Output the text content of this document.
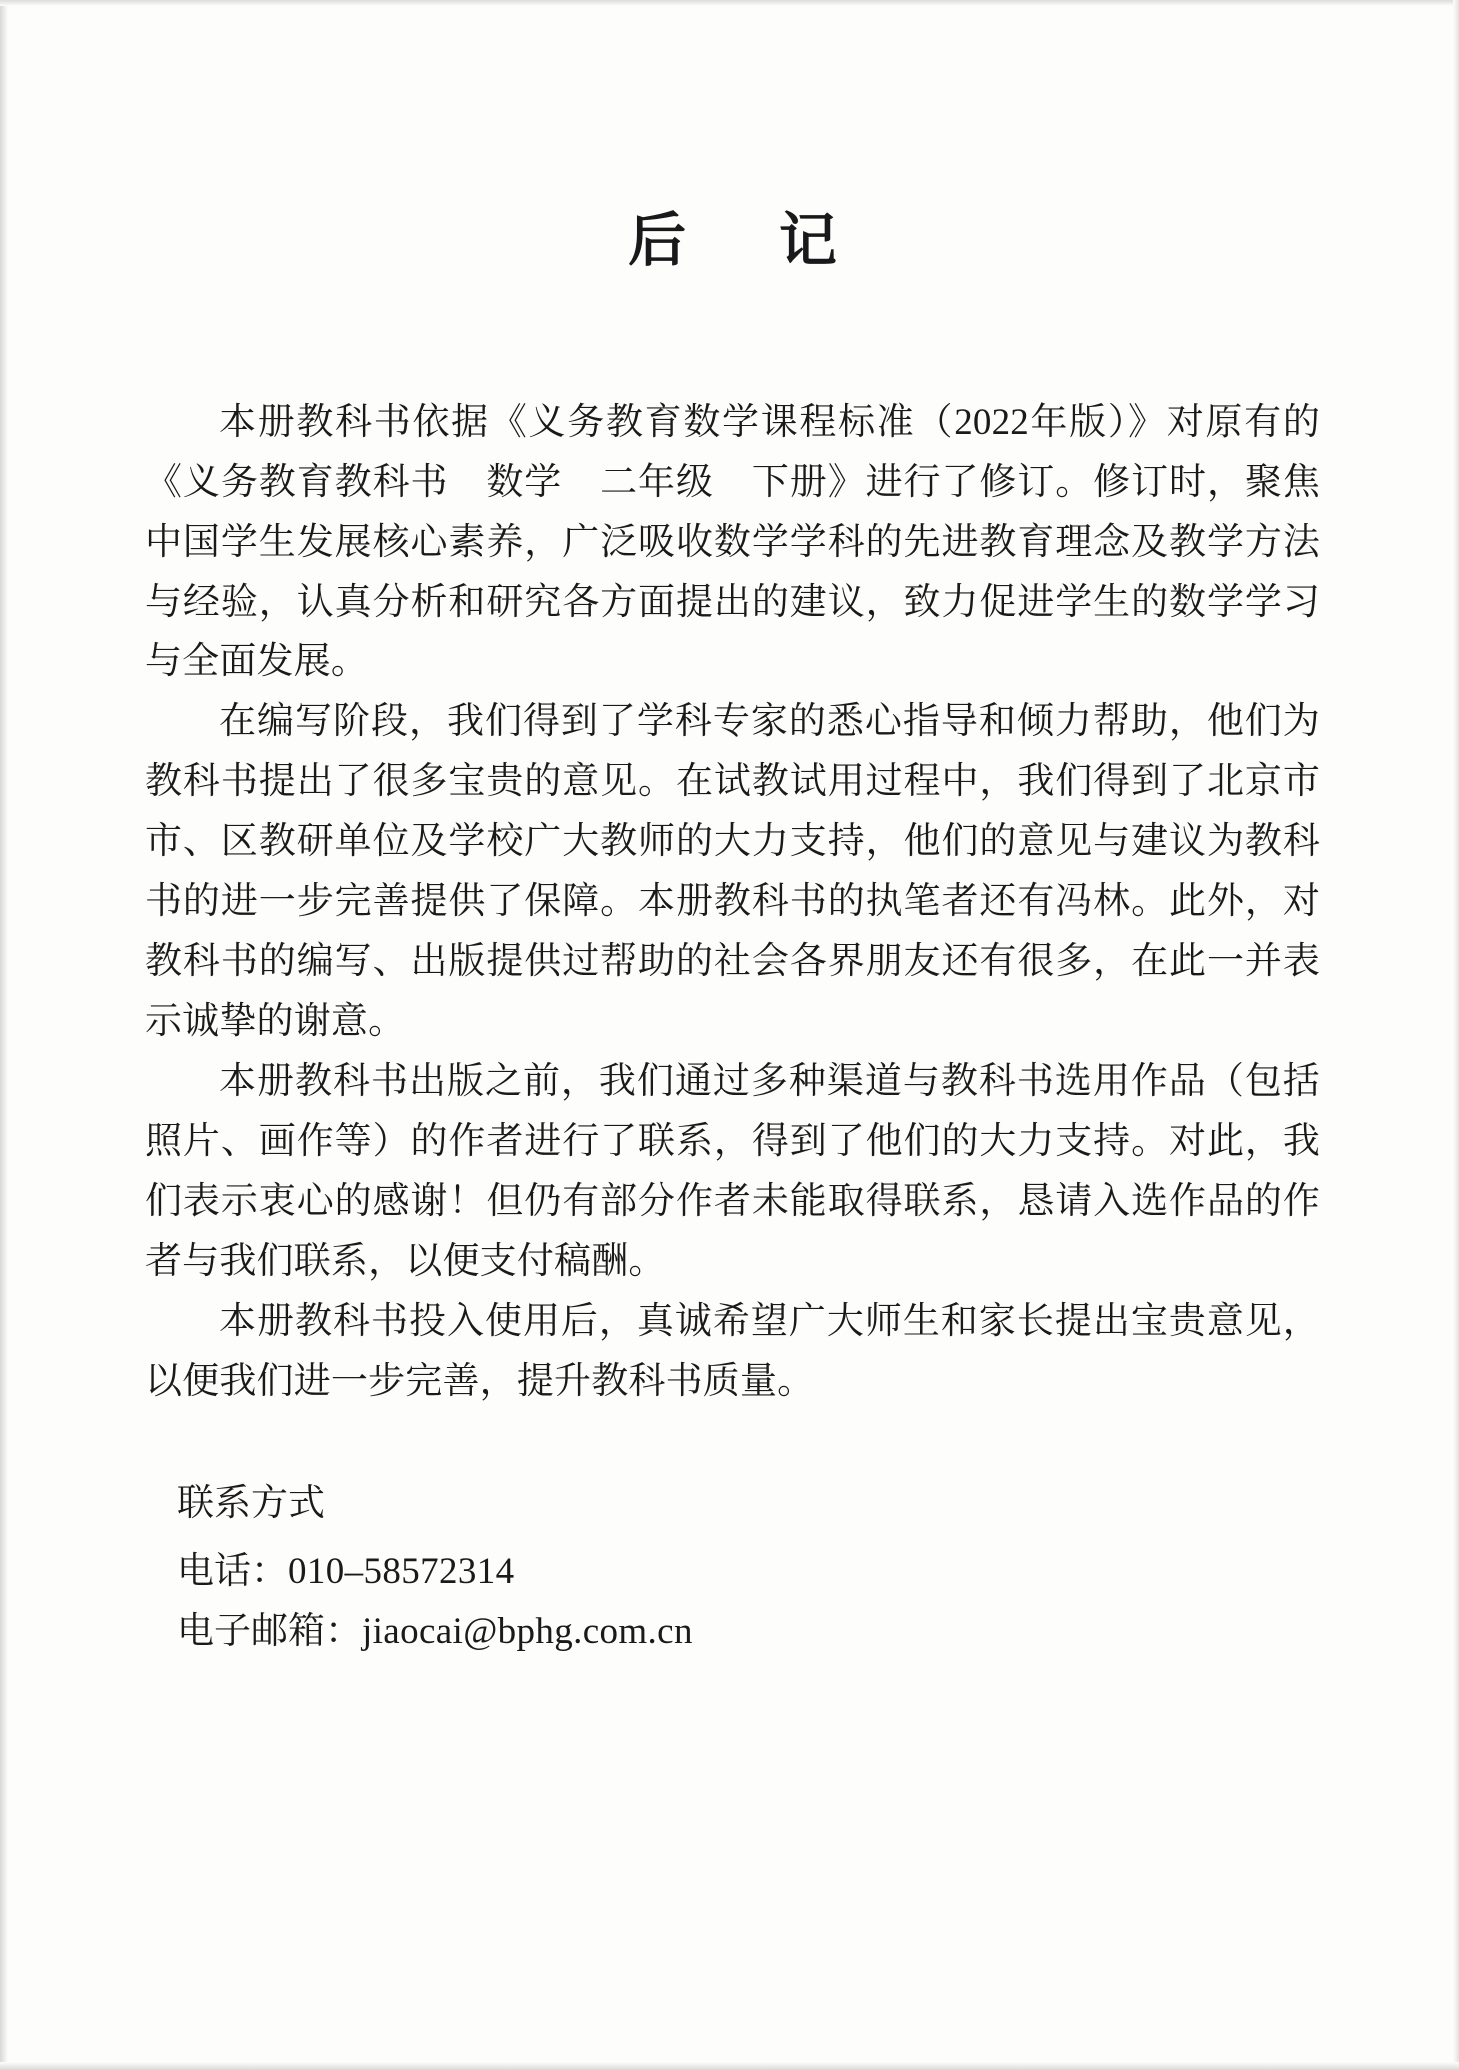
后　记

本册教科书依据《义务教育数学课程标准（2022年版）》对原有的《义务教育教科书　数学　二年级　下册》进行了修订。修订时，聚焦中国学生发展核心素养，广泛吸收数学学科的先进教育理念及教学方法与经验，认真分析和研究各方面提出的建议，致力促进学生的数学学习与全面发展。

在编写阶段，我们得到了学科专家的悉心指导和倾力帮助，他们为教科书提出了很多宝贵的意见。在试教试用过程中，我们得到了北京市市、区教研单位及学校广大教师的大力支持，他们的意见与建议为教科书的进一步完善提供了保障。本册教科书的执笔者还有冯林。此外，对教科书的编写、出版提供过帮助的社会各界朋友还有很多，在此一并表示诚挚的谢意。

本册教科书出版之前，我们通过多种渠道与教科书选用作品（包括照片、画作等）的作者进行了联系，得到了他们的大力支持。对此，我们表示衷心的感谢！但仍有部分作者未能取得联系，恳请入选作品的作者与我们联系，以便支付稿酬。

本册教科书投入使用后，真诚希望广大师生和家长提出宝贵意见，以便我们进一步完善，提升教科书质量。

联系方式

电话：010–58572314

电子邮箱：jiaocai@bphg.com.cn
